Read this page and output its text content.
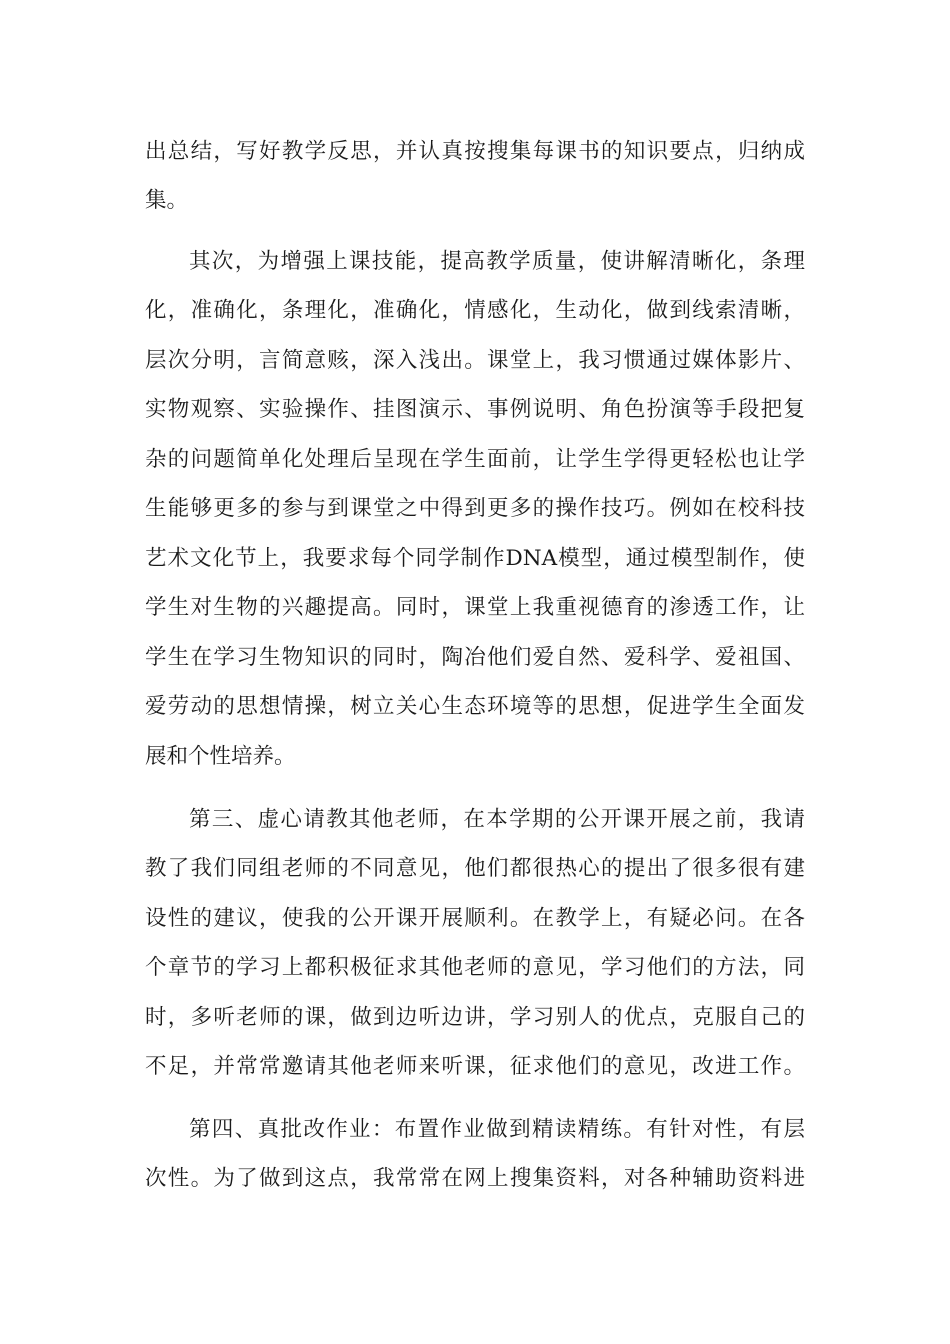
出总结，写好教学反思，并认真按搜集每课书的知识要点，归纳成
集。
其次，为增强上课技能，提高教学质量，使讲解清晰化，条理
化，准确化，条理化，准确化，情感化，生动化，做到线索清晰，
层次分明，言简意赅，深入浅出。课堂上，我习惯通过媒体影片、
实物观察、实验操作、挂图演示、事例说明、角色扮演等手段把复
杂的问题简单化处理后呈现在学生面前，让学生学得更轻松也让学
生能够更多的参与到课堂之中得到更多的操作技巧。例如在校科技
艺术文化节上，我要求每个同学制作DNA模型，通过模型制作，使
学生对生物的兴趣提高。同时，课堂上我重视德育的渗透工作，让
学生在学习生物知识的同时，陶冶他们爱自然、爱科学、爱祖国、
爱劳动的思想情操，树立关心生态环境等的思想，促进学生全面发
展和个性培养。
第三、虚心请教其他老师，在本学期的公开课开展之前，我请
教了我们同组老师的不同意见，他们都很热心的提出了很多很有建
设性的建议，使我的公开课开展顺利。在教学上，有疑必问。在各
个章节的学习上都积极征求其他老师的意见，学习他们的方法，同
时，多听老师的课，做到边听边讲，学习别人的优点，克服自己的
不足，并常常邀请其他老师来听课，征求他们的意见，改进工作。
第四、真批改作业：布置作业做到精读精练。有针对性，有层
次性。为了做到这点，我常常在网上搜集资料，对各种辅助资料进
